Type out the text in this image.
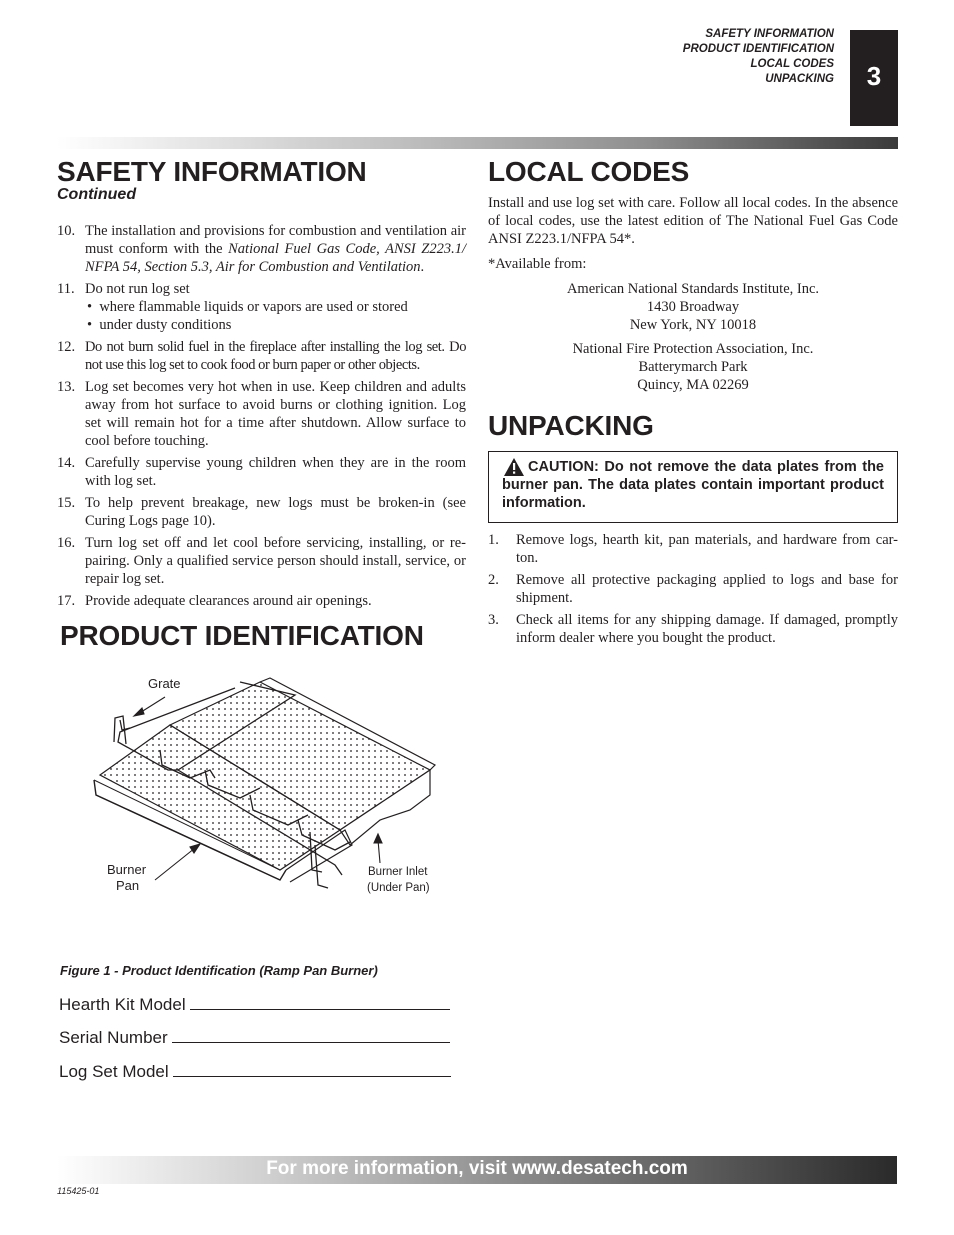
SAFETY INFORMATION
PRODUCT IDENTIFICATION
LOCAL CODES
UNPACKING	3
SAFETY INFORMATION
Continued
10. The installation and provisions for combustion and ventilation air must conform with the National Fuel Gas Code, ANSI Z223.1/ NFPA 54, Section 5.3, Air for Combustion and Ventilation.
11. Do not run log set
•  where flammable liquids or vapors are used or stored
•  under dusty conditions
12. Do not burn solid fuel in the fireplace after installing the log set. Do not use this log set to cook food or burn paper or other objects.
13. Log set becomes very hot when in use. Keep children and adults away from hot surface to avoid burns or clothing ignition. Log set will remain hot for a time after shutdown. Allow surface to cool before touching.
14. Carefully supervise young children when they are in the room with log set.
15. To help prevent breakage, new logs must be broken-in (see Curing Logs page 10).
16. Turn log set off and let cool before servicing, installing, or re-pairing. Only a qualified service person should install, service, or repair log set.
17. Provide adequate clearances around air openings.
PRODUCT IDENTIFICATION
Grate
Burner
Pan
Burner Inlet
(Under Pan)
Figure 1 - Product Identification (Ramp Pan Burner)
Hearth Kit Model
Serial Number
Log Set Model
LOCAL CODES

Install and use log set with care. Follow all local codes. In the absence of local codes, use the latest edition of The National Fuel Gas Code ANSI Z223.1/NFPA 54*.

*Available from:

American National Standards Institute, Inc.
1430 Broadway
New York, NY 10018
National Fire Protection Association, Inc.
Batterymarch Park
Quincy, MA 02269
UNPACKING
CAUTION: Do not remove the data plates from the burner pan. The data plates contain important product information.
1. Remove logs, hearth kit, pan materials, and hardware from car-ton.
2. Remove all protective packaging applied to logs and base for shipment.
3. Check all items for any shipping damage. If damaged, promptly inform dealer where you bought the product.
For more information, visit www.desatech.com
115425-01
